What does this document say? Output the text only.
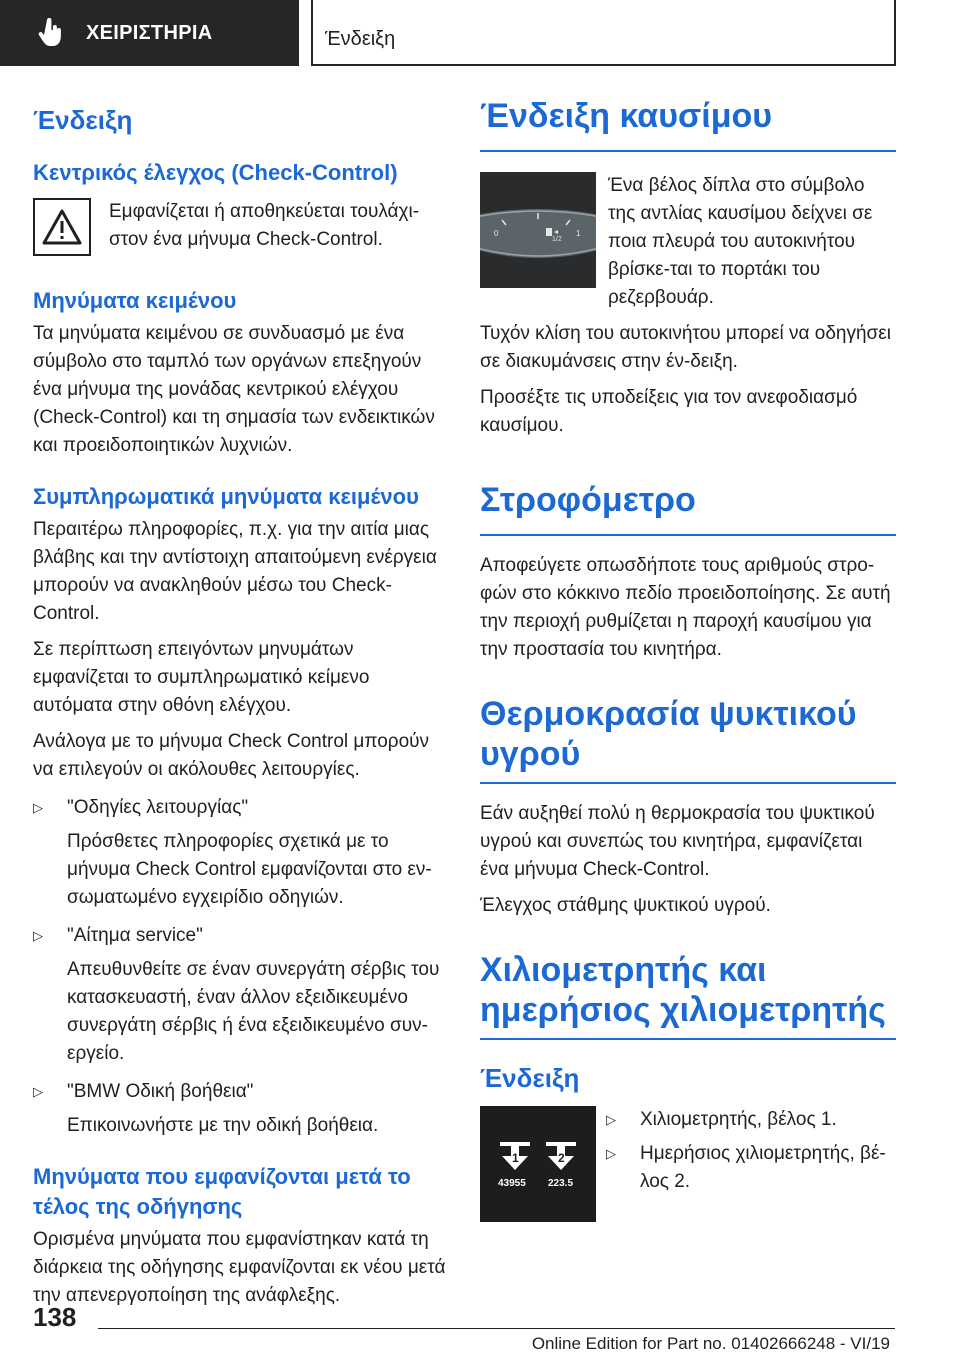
ΧΕΙΡΙΣΤΗΡΙΑ	Ένδειξη
Ένδειξη
Κεντρικός έλεγχος (Check-Control)
Εμφανίζεται ή αποθηκεύεται τουλάχι-στον ένα μήνυμα Check-Control.
Μηνύματα κειμένου
Τα μηνύματα κειμένου σε συνδυασμό με ένα σύμβολο στο ταμπλό των οργάνων επεξηγούν ένα μήνυμα της μονάδας κεντρικού ελέγχου (Check-Control) και τη σημασία των ενδεικτικών και προειδοποιητικών λυχνιών.
Συμπληρωματικά μηνύματα κειμένου
Περαιτέρω πληροφορίες, π.χ. για την αιτία μιας βλάβης και την αντίστοιχη απαιτούμενη ενέργεια μπορούν να ανακληθούν μέσω του Check-Control.
Σε περίπτωση επειγόντων μηνυμάτων εμφανίζεται το συμπληρωματικό κείμενο αυτόματα στην οθόνη ελέγχου.
Ανάλογα με το μήνυμα Check Control μπορούν να επιλεγούν οι ακόλουθες λειτουργίες.
▷	"Οδηγίες λειτουργίας"
Πρόσθετες πληροφορίες σχετικά με το μήνυμα Check Control εμφανίζονται στο εν-σωματωμένο εγχειρίδιο οδηγιών.
▷	"Αίτημα service"
Απευθυνθείτε σε έναν συνεργάτη σέρβις του κατασκευαστή, έναν άλλον εξειδικευμένο συνεργάτη σέρβις ή ένα εξειδικευμένο συν-εργείο.
▷	"BMW Οδική βοήθεια"
Επικοινωνήστε με την οδική βοήθεια.
Μηνύματα που εμφανίζονται μετά το τέλος της οδήγησης
Ορισμένα μηνύματα που εμφανίστηκαν κατά τη διάρκεια της οδήγησης εμφανίζονται εκ νέου μετά την απενεργοποίηση της ανάφλεξης.
Ένδειξη καυσίμου
0
1/2
1
Ένα βέλος δίπλα στο σύμβολο της αντλίας καυσίμου δείχνει σε ποια πλευρά του αυτοκινήτου βρίσκε-ται το πορτάκι του ρεζερβουάρ.
Τυχόν κλίση του αυτοκινήτου μπορεί να οδηγήσει σε διακυμάνσεις στην έν-δειξη.
Προσέξτε τις υποδείξεις για τον ανεφοδιασμό καυσίμου.
Στροφόμετρο
Αποφεύγετε οπωσδήποτε τους αριθμούς στρο-φών στο κόκκινο πεδίο προειδοποίησης. Σε αυτή την περιοχή ρυθμίζεται η παροχή καυσίμου για την προστασία του κινητήρα.
Θερμοκρασία ψυκτικού υγρού
Εάν αυξηθεί πολύ η θερμοκρασία του ψυκτικού υγρού και συνεπώς του κινητήρα, εμφανίζεται ένα μήνυμα Check-Control.
Έλεγχος στάθμης ψυκτικού υγρού.
Χιλιομετρητής και ημερήσιος χιλιομετρητής
Ένδειξη
1	2
43955 223.5
▷	Χιλιομετρητής, βέλος 1.
▷	Ημερήσιος χιλιομετρητής, βέ-λος 2.
138
Online Edition for Part no. 01402666248 - VI/19
